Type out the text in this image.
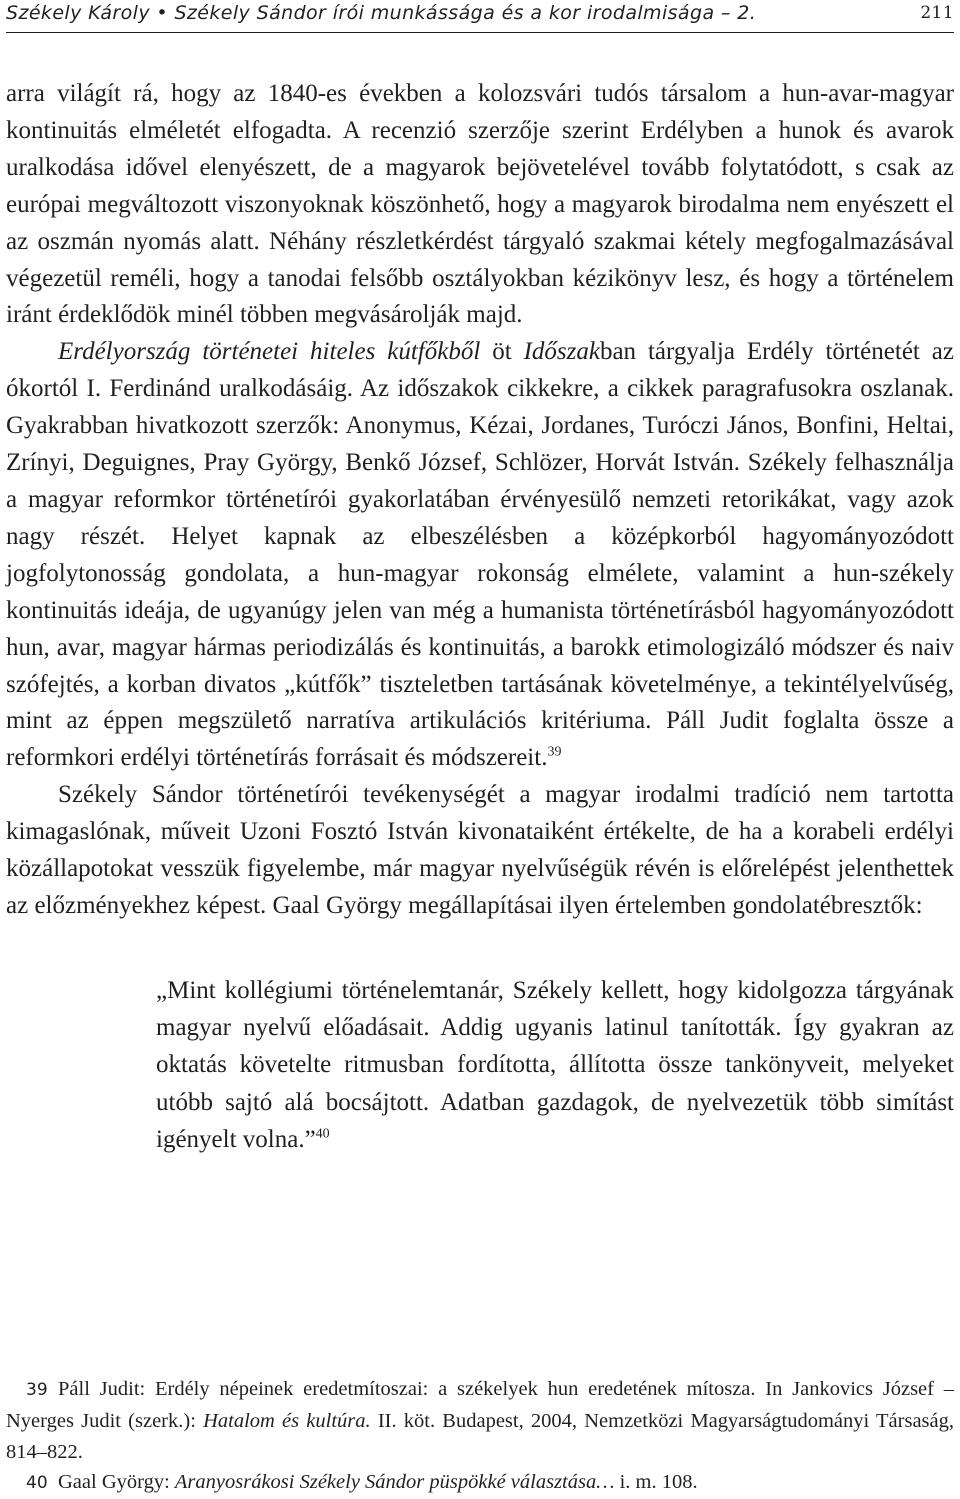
Székely Károly • Székely Sándor írói munkássága és a kor irodalmisága – 2.	211

arra világít rá, hogy az 1840-es években a kolozsvári tudós társalom a hun-avar-magyar kontinuitás elméletét elfogadta. A recenzió szerzője szerint Erdélyben a hunok és avarok uralkodása idővel elenyészett, de a magyarok bejövetelével tovább folytatódott, s csak az európai megváltozott viszonyoknak köszönhető, hogy a magyarok birodalma nem enyészett el az oszmán nyomás alatt. Néhány részletkérdést tárgyaló szakmai kétely megfogalmazásával végezetül reméli, hogy a tanodai felsőbb osztályokban kézikönyv lesz, és hogy a történelem iránt érdeklődök minél többen megvásárolják majd.

Erdélyország történetei hiteles kútfőkből öt Időszakban tárgyalja Erdély történetét az ókortól I. Ferdinánd uralkodásáig. Az időszakok cikkekre, a cikkek paragrafusokra oszlanak. Gyakrabban hivatkozott szerzők: Anonymus, Kézai, Jordanes, Turóczi János, Bonfini, Heltai, Zrínyi, Deguignes, Pray György, Benkő József, Schlözer, Horvát István. Székely felhasználja a magyar reformkor történetírói gyakorlatában érvényesülő nemzeti retorikákat, vagy azok nagy részét. Helyet kapnak az elbeszélésben a középkorból hagyományozódott jogfolytonosság gondolata, a hun-magyar rokonság elmélete, valamint a hun-székely kontinuitás ideája, de ugyanúgy jelen van még a humanista történetírásból hagyományozódott hun, avar, magyar hármas periodizálás és kontinuitás, a barokk etimologizáló módszer és naiv szófejtés, a korban divatos „kútfők” tiszteletben tartásának követelménye, a tekintélyelvűség, mint az éppen megszülető narratíva artikulációs kritériuma. Páll Judit foglalta össze a reformkori erdélyi történetírás forrásait és módszereit.$^{39}$

Székely Sándor történetírói tevékenységét a magyar irodalmi tradíció nem tartotta kimagaslónak, műveit Uzoni Fosztó István kivonataiként értékelte, de ha a korabeli erdélyi közállapotokat vesszük figyelembe, már magyar nyelvűségük révén is előrelépést jelenthettek az előzményekhez képest. Gaal György megállapításai ilyen értelemben gondolatébresztők:

„Mint kollégiumi történelemtanár, Székely kellett, hogy kidolgozza tárgyának magyar nyelvű előadásait. Addig ugyanis latinul tanították. Így gyakran az oktatás követelte ritmusban fordította, állította össze tankönyveit, melyeket utóbb sajtó alá bocsájtott. Adatban gazdagok, de nyelvezetük több simítást igényelt volna.”$^{40}$

39 Páll Judit: Erdély népeinek eredetmítoszai: a székelyek hun eredetének mítosza. In Jankovics József – Nyerges Judit (szerk.): Hatalom és kultúra. II. köt. Budapest, 2004, Nemzetközi Magyarságtudományi Társaság, 814–822.

40 Gaal György: Aranyosrákosi Székely Sándor püspökké választása… i. m. 108.
